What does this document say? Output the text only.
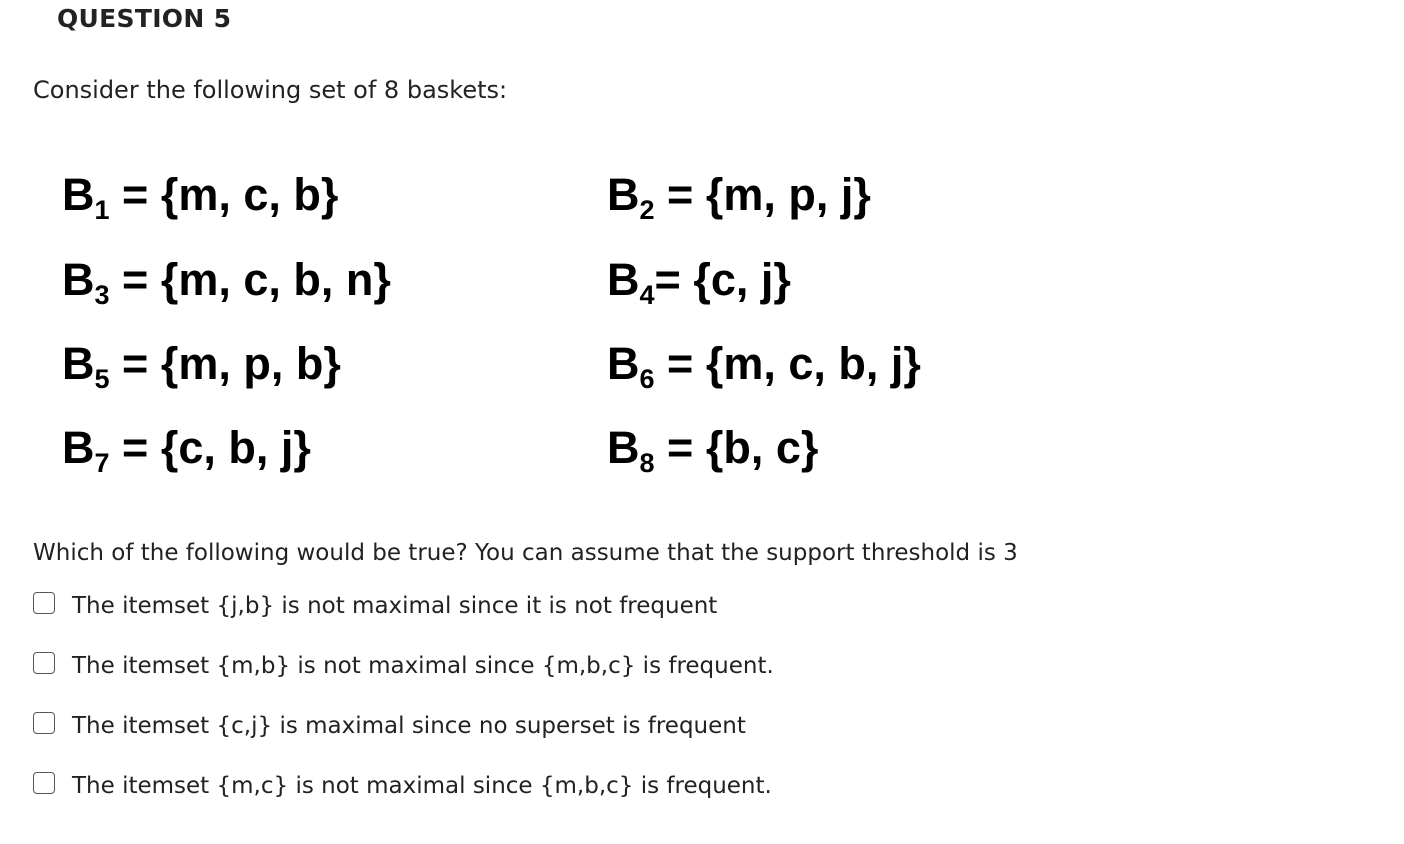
QUESTION 5
Consider the following set of 8 baskets:
$B_1 = \{m$, c, b}	$B_2 = \{m$, p, j}
$B_3 = \{m$, c, b, n}	$B_4= \{c$, j}
$B_5 = \{m$, p, b}	$B_6 = \{m$, c, b, j}
$B_7 = \{c$, b, j}	$B_8 = \{b$, c}
Which of the following would be true? You can assume that the support threshold is 3
The itemset {j,b} is not maximal since it is not frequent
The itemset {m,b} is not maximal since {m,b,c} is frequent.
The itemset {c,j} is maximal since no superset is frequent
The itemset {m,c} is not maximal since {m,b,c} is frequent.
